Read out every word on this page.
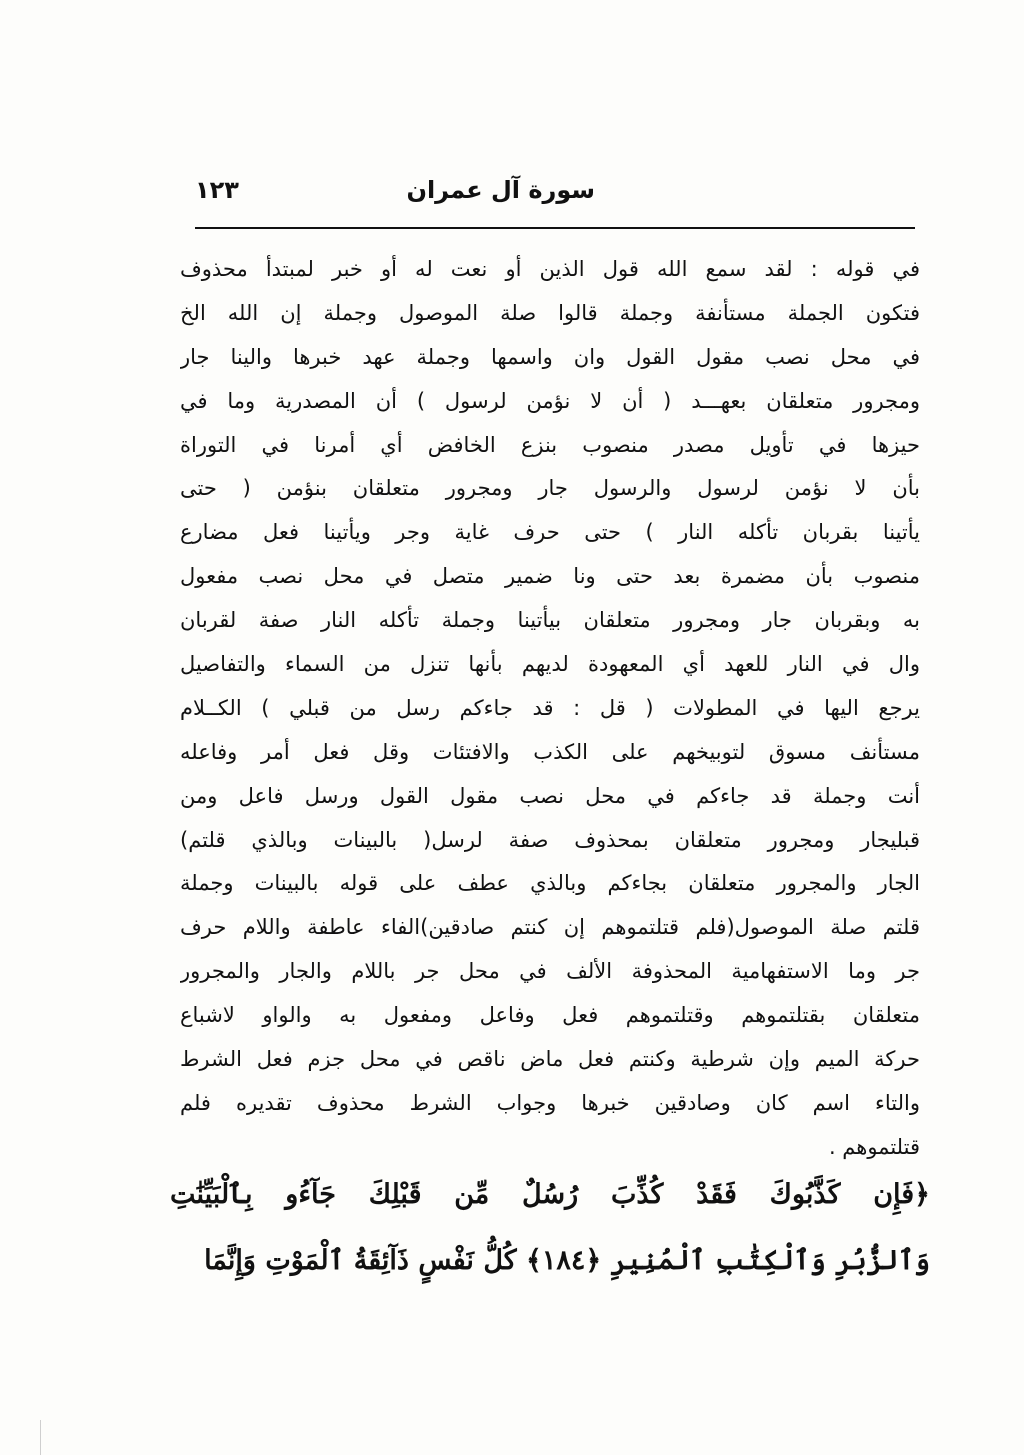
سورة آل عمران
١٢٣
في قوله : لقد سمع الله قول الذين أو نعت له أو خبر لمبتدأ محذوف
فتكون الجملة مستأنفة وجملة قالوا صلة الموصول وجملة إن الله الخ
في محل نصب مقول القول وان واسمها وجملة عهد خبرها والينا جار
ومجرور متعلقان بعهـــد ( أن لا نؤمن لرسول ) أن المصدرية وما في
حيزها في تأويل مصدر منصوب بنزع الخافض أي أمرنا في التوراة
بأن لا نؤمن لرسول والرسول جار ومجرور متعلقان بنؤمن ( حتى
يأتينا بقربان تأكله النار ) حتى حرف غاية وجر ويأتينا فعل مضارع
منصوب بأن مضمرة بعد حتى ونا ضمير متصل في محل نصب مفعول
به وبقربان جار ومجرور متعلقان بيأتينا وجملة تأكله النار صفة لقربان
وال في النار للعهد أي المعهودة لديهم بأنها تنزل من السماء والتفاصيل
يرجع اليها في المطولات ( قل : قد جاءكم رسل من قبلي ) الكــلام
مستأنف مسوق لتوبيخهم على الكذب والافتئات وقل فعل أمر وفاعله
أنت وجملة قد جاءكم في محل نصب مقول القول ورسل فاعل ومن
قبليجار ومجرور متعلقان بمحذوف صفة لرسل( بالبينات وبالذي قلتم)
الجار والمجرور متعلقان بجاءكم وبالذي عطف على قوله بالبينات وجملة
قلتم صلة الموصول(فلم قتلتموهم إن كنتم صادقين)الفاء عاطفة واللام حرف
جر وما الاستفهامية المحذوفة الألف في محل جر باللام والجار والمجرور
متعلقان بقتلتموهم وقتلتموهم فعل وفاعل ومفعول به والواو لاشباع
حركة الميم وإن شرطية وكنتم فعل ماض ناقص في محل جزم فعل الشرط
والتاء اسم كان وصادقين خبرها وجواب الشرط محذوف تقديره فلم
قتلتموهم .
﴿فَإِن كَذَّبُوكَ فَقَدْ كُذِّبَ رُسُلٌ مِّن قَبْلِكَ جَآءُو بِٱلْبَيِّنَٰتِ
وَٱلزُّبُرِ وَٱلْكِتَٰبِ ٱلْمُنِيرِ ﴿١٨٤﴾ كُلُّ نَفْسٍ ذَآئِقَةُ ٱلْمَوْتِ وَإِنَّمَا
